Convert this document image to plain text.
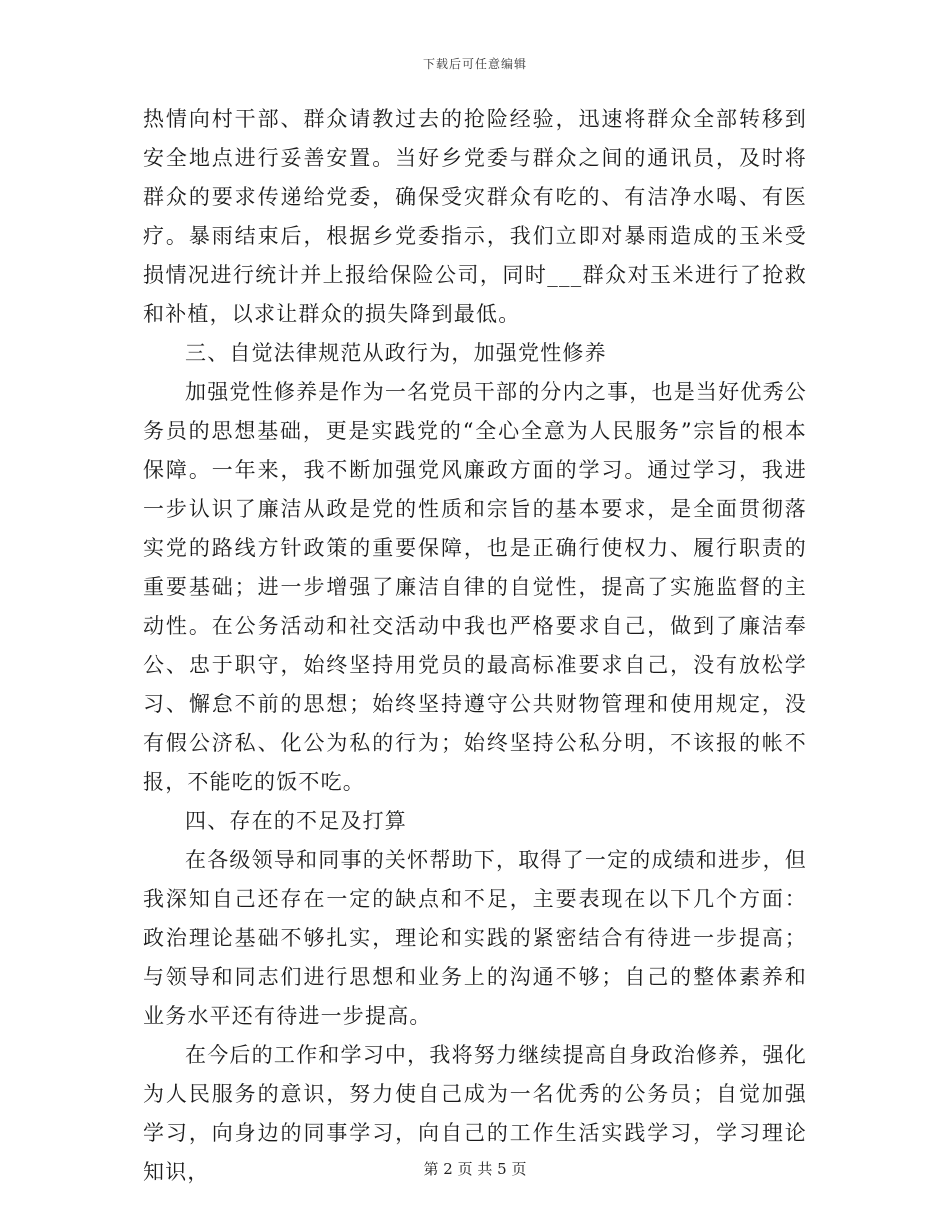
下载后可任意编辑

热情向村干部、群众请教过去的抢险经验，迅速将群众全部转移到安全地点进行妥善安置。当好乡党委与群众之间的通讯员，及时将群众的要求传递给党委，确保受灾群众有吃的、有洁净水喝、有医疗。暴雨结束后，根据乡党委指示，我们立即对暴雨造成的玉米受损情况进行统计并上报给保险公司，同时___群众对玉米进行了抢救和补植，以求让群众的损失降到最低。

三、自觉法律规范从政行为，加强党性修养

加强党性修养是作为一名党员干部的分内之事，也是当好优秀公务员的思想基础，更是实践党的“全心全意为人民服务”宗旨的根本保障。一年来，我不断加强党风廉政方面的学习。通过学习，我进一步认识了廉洁从政是党的性质和宗旨的基本要求，是全面贯彻落实党的路线方针政策的重要保障，也是正确行使权力、履行职责的重要基础；进一步增强了廉洁自律的自觉性，提高了实施监督的主动性。在公务活动和社交活动中我也严格要求自己，做到了廉洁奉公、忠于职守，始终坚持用党员的最高标准要求自己，没有放松学习、懈怠不前的思想；始终坚持遵守公共财物管理和使用规定，没有假公济私、化公为私的行为；始终坚持公私分明，不该报的帐不报，不能吃的饭不吃。

四、存在的不足及打算

在各级领导和同事的关怀帮助下，取得了一定的成绩和进步，但我深知自己还存在一定的缺点和不足，主要表现在以下几个方面：政治理论基础不够扎实，理论和实践的紧密结合有待进一步提高；与领导和同志们进行思想和业务上的沟通不够；自己的整体素养和业务水平还有待进一步提高。

在今后的工作和学习中，我将努力继续提高自身政治修养，强化为人民服务的意识，努力使自己成为一名优秀的公务员；自觉加强学习，向身边的同事学习，向自己的工作生活实践学习，学习理论知识，	第 2 页 共 5 页
